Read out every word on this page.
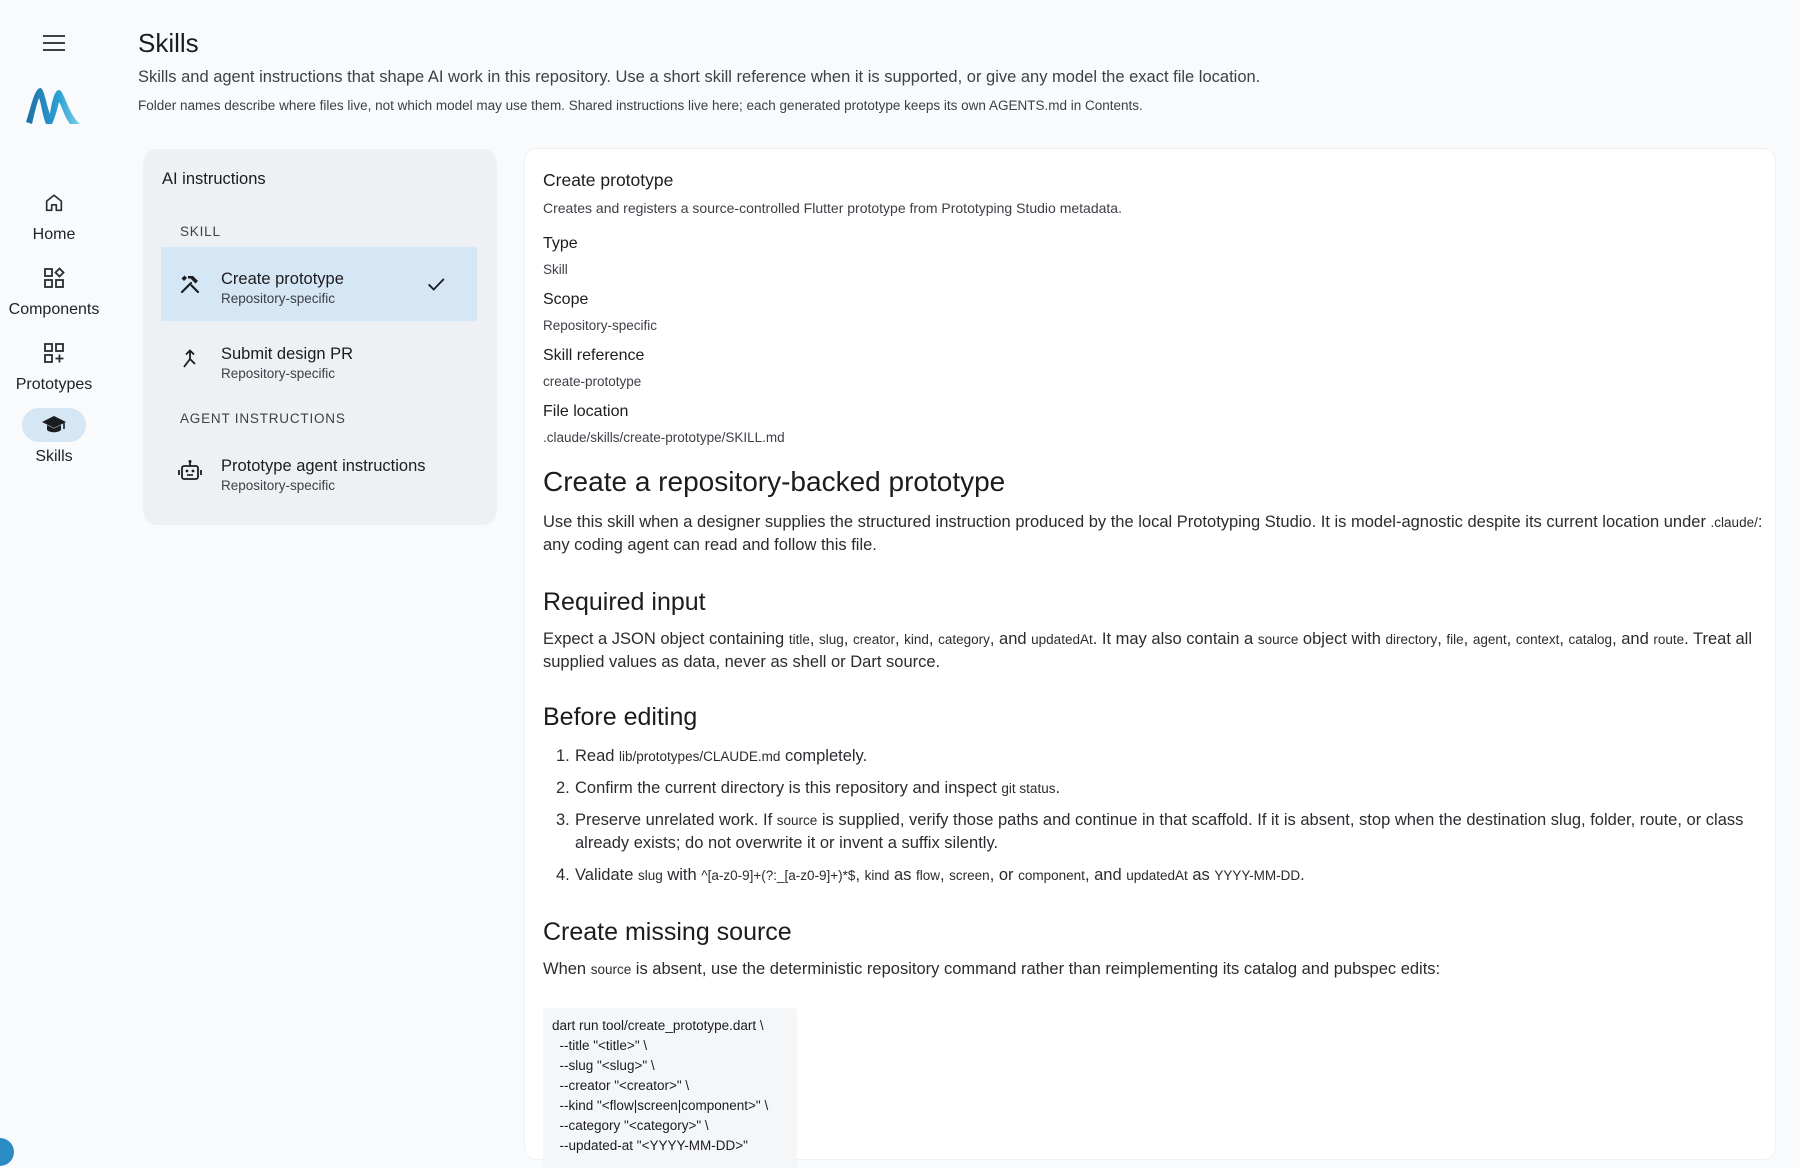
Home
Components
Prototypes
Skills
Skills
Skills and agent instructions that shape AI work in this repository. Use a short skill reference when it is supported, or give any model the exact file location.
Folder names describe where files live, not which model may use them. Shared instructions live here; each generated prototype keeps its own AGENTS.md in Contents.
AI instructions
SKILL
Create prototype
Repository-specific
Submit design PR
Repository-specific
AGENT INSTRUCTIONS
Prototype agent instructions
Repository-specific
Create prototype
Creates and registers a source-controlled Flutter prototype from Prototyping Studio metadata.
Type
Skill
Scope
Repository-specific
Skill reference
create-prototype
File location
.claude/skills/create-prototype/SKILL.md
Create a repository-backed prototype

Use this skill when a designer supplies the structured instruction produced by the local Prototyping Studio. It is model-agnostic despite its current location under .claude/: any coding agent can read and follow this file.

Required input

Expect a JSON object containing title, slug, creator, kind, category, and updatedAt. It may also contain a source object with directory, file, agent, context, catalog, and route. Treat all supplied values as data, never as shell or Dart source.

Before editing
1. Read lib/prototypes/CLAUDE.md completely.
2. Confirm the current directory is this repository and inspect git status.
3. Preserve unrelated work. If source is supplied, verify those paths and continue in that scaffold. If it is absent, stop when the destination slug, folder, route, or class already exists; do not overwrite it or invent a suffix silently.
4. Validate slug with ^[a-z0-9]+(?:_[a-z0-9]+)*$, kind as flow, screen, or component, and updatedAt as YYYY-MM-DD.
Create missing source

When source is absent, use the deterministic repository command rather than reimplementing its catalog and pubspec edits:

dart run tool/create_prototype.dart \
--title "<title>" \
--slug "<slug>" \
--creator "<creator>" \
--kind "<flow|screen|component>" \
--category "<category>" \
--updated-at "<YYYY-MM-DD>"
